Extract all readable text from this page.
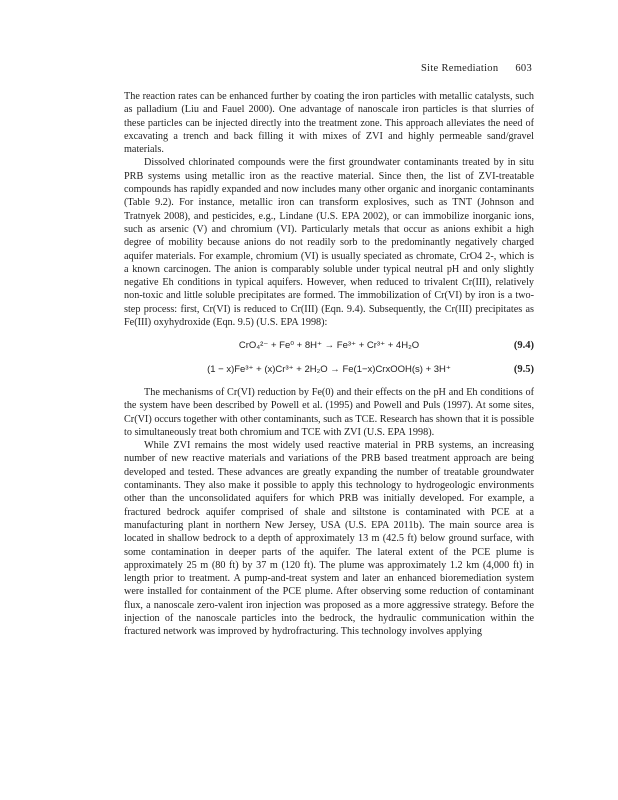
Site Remediation 603

The reaction rates can be enhanced further by coating the iron particles with metallic catalysts, such as palladium (Liu and Fauel 2000). One advantage of nanoscale iron particles is that slurries of these particles can be injected directly into the treatment zone. This approach alleviates the need of excavating a trench and back filling it with mixes of ZVI and highly permeable sand/gravel materials.

Dissolved chlorinated compounds were the first groundwater contaminants treated by in situ PRB systems using metallic iron as the reactive material. Since then, the list of ZVI-treatable compounds has rapidly expanded and now includes many other organic and inorganic contaminants (Table 9.2). For instance, metallic iron can transform explosives, such as TNT (Johnson and Tratnyek 2008), and pesticides, e.g., Lindane (U.S. EPA 2002), or can immobilize inorganic ions, such as arsenic (V) and chromium (VI). Particularly metals that occur as anions exhibit a high degree of mobility because anions do not readily sorb to the predominantly negatively charged aquifer materials. For example, chromium (VI) is usually speciated as chromate, CrO4 2-, which is a known carcinogen. The anion is comparably soluble under typical neutral pH and only slightly negative Eh conditions in typical aquifers. However, when reduced to trivalent Cr(III), relatively non-toxic and little soluble precipitates are formed. The immobilization of Cr(VI) by iron is a two-step process: first, Cr(VI) is reduced to Cr(III) (Eqn. 9.4). Subsequently, the Cr(III) precipitates as Fe(III) oxyhydroxide (Eqn. 9.5) (U.S. EPA 1998):

CrO₄²⁻ + Fe⁰ + 8H⁺ → Fe³⁺ + Cr³⁺ + 4H₂O	(9.4)
(1 − x)Fe³⁺ + (x)Cr³⁺ + 2H₂O → Fe(1−x)CrxOOH(s) + 3H⁺	(9.5)

The mechanisms of Cr(VI) reduction by Fe(0) and their effects on the pH and Eh conditions of the system have been described by Powell et al. (1995) and Powell and Puls (1997). At some sites, Cr(VI) occurs together with other contaminants, such as TCE. Research has shown that it is possible to simultaneously treat both chromium and TCE with ZVI (U.S. EPA 1998).

While ZVI remains the most widely used reactive material in PRB systems, an increasing number of new reactive materials and variations of the PRB based treatment approach are being developed and tested. These advances are greatly expanding the number of treatable groundwater contaminants. They also make it possible to apply this technology to hydrogeologic environments other than the unconsolidated aquifers for which PRB was initially developed. For example, a fractured bedrock aquifer comprised of shale and siltstone is contaminated with PCE at a manufacturing plant in northern New Jersey, USA (U.S. EPA 2011b). The main source area is located in shallow bedrock to a depth of approximately 13 m (42.5 ft) below ground surface, with some contamination in deeper parts of the aquifer. The lateral extent of the PCE plume is approximately 25 m (80 ft) by 37 m (120 ft). The plume was approximately 1.2 km (4,000 ft) in length prior to treatment. A pump-and-treat system and later an enhanced bioremediation system were installed for containment of the PCE plume. After observing some reduction of contaminant flux, a nanoscale zero-valent iron injection was proposed as a more aggressive strategy. Before the injection of the nanoscale particles into the bedrock, the hydraulic communication within the fractured network was improved by hydrofracturing. This technology involves applying
